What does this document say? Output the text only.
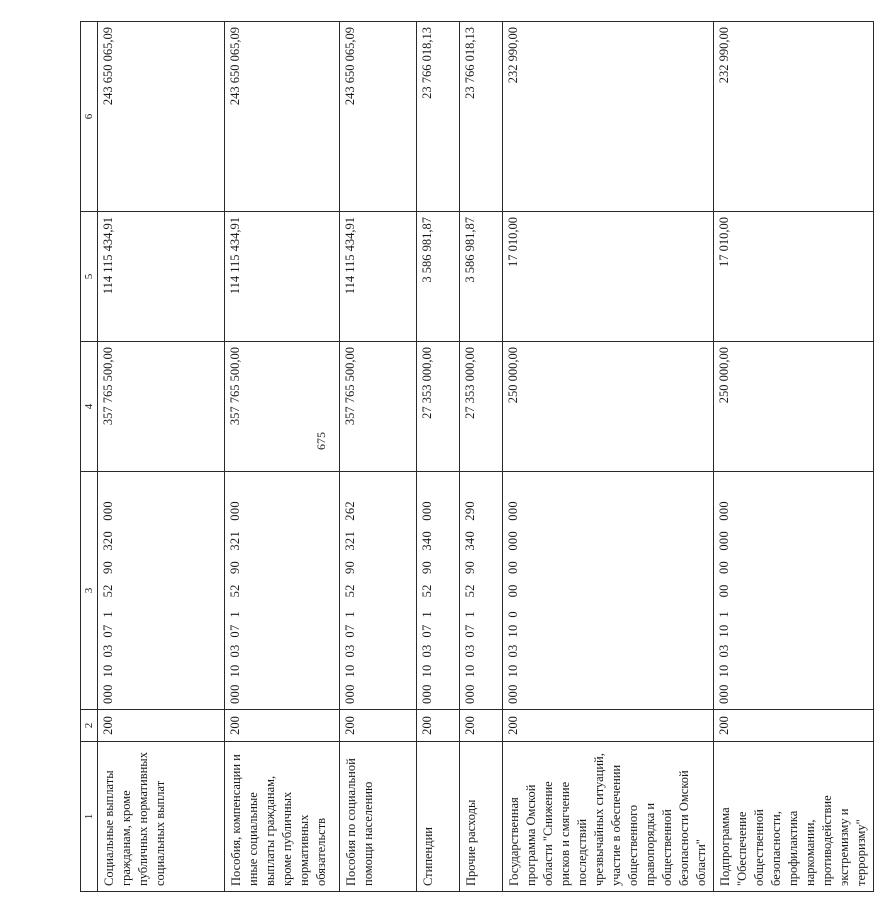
675
1	2	3	4	5	6
Социальные выплаты гражданам, кроме публичных нормативных социальных выплат	200	000  10  03  07  1    52   90   320   000	357 765 500,00	114 115 434,91	243 650 065,09
Пособия, компенсации и иные социальные выплаты гражданам, кроме публичных нормативных обязательств	200	000  10  03  07  1    52   90   321   000	357 765 500,00	114 115 434,91	243 650 065,09
Пособия по социальной помощи населению	200	000  10  03  07  1    52   90   321   262	357 765 500,00	114 115 434,91	243 650 065,09
Стипендии	200	000  10  03  07  1    52   90   340   000	27 353 000,00	3 586 981,87	23 766 018,13
Прочие расходы	200	000  10  03  07  1    52   90   340   290	27 353 000,00	3 586 981,87	23 766 018,13
Государственная программа Омской области "Снижение рисков и смягчение последствий чрезвычайных ситуаций, участие в обеспечении общественного правопорядка и общественной безопасности Омской области"	200	000  10  03  10  0    00   00   000   000	250 000,00	17 010,00	232 990,00
Подпрограмма "Обеспечение общественной безопасности, профилактика наркомании, противодействие экстремизму и терроризму"	200	000  10  03  10  1    00   00   000   000	250 000,00	17 010,00	232 990,00
